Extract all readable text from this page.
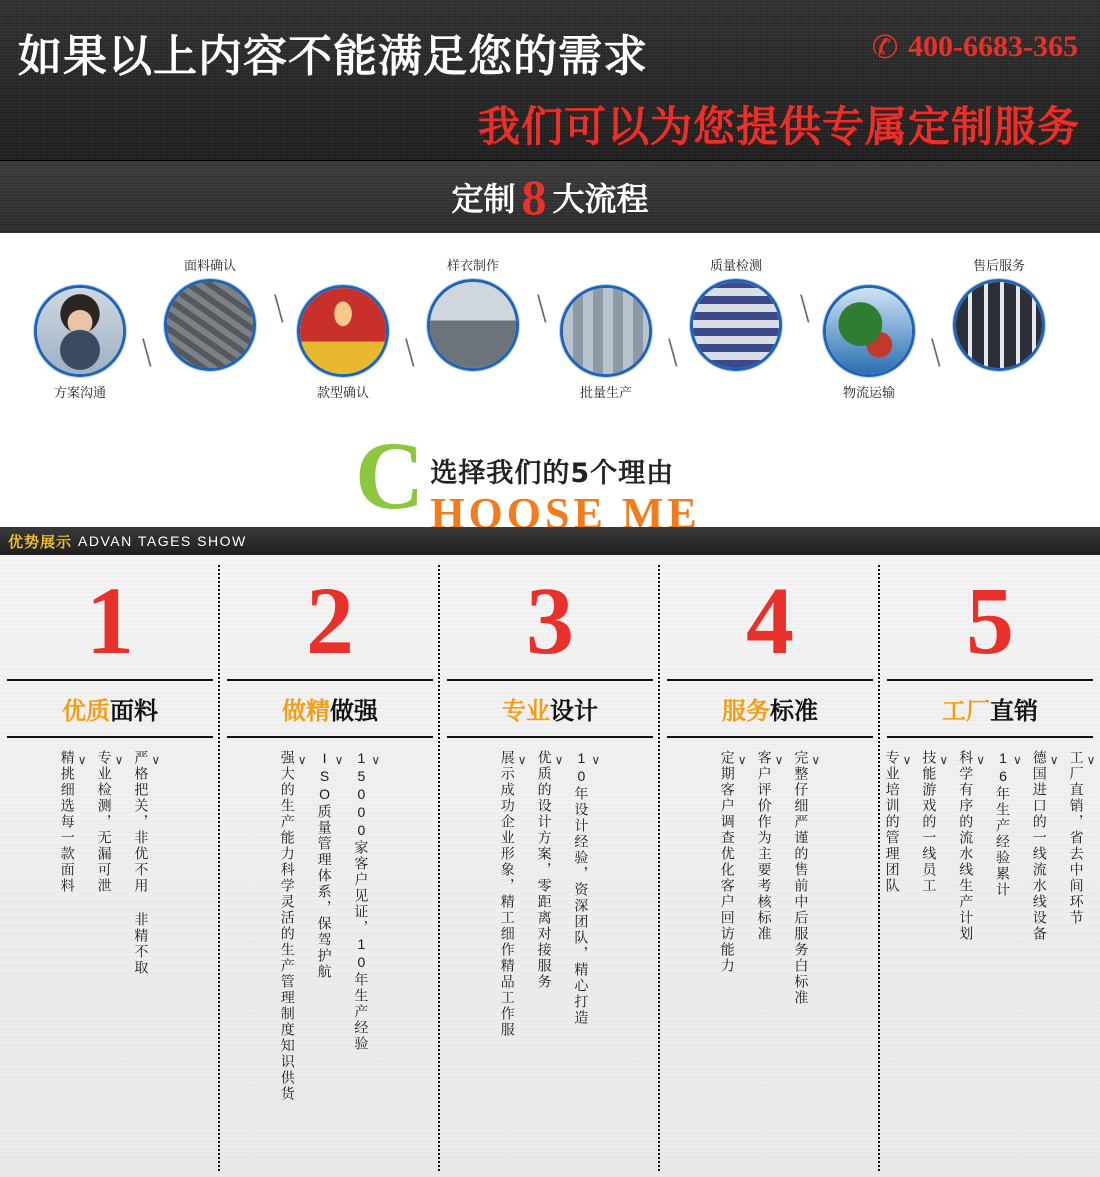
如果以上内容不能满足您的需求	✆ 400-6683-365
我们可以为您提供专属定制服务
定制 8 大流程
方案沟通
╲
面料确认
╲
款型确认
╲
样衣制作
╲
批量生产
╲
质量检测
╲
物流运输
╲
售后服务
C 选择我们的5个理由
HOOSE ME
优势展示 ADVAN TAGES SHOW
1
优质面料
∨ 严格把关，非优不用 非精不取
∨ 专业检测，无漏可泄
∨ 精挑细选每一款面料
2
做精做强
∨ 15000家客户见证，10年生产经验
∨ ISO质量管理体系，保驾护航
∨ 强大的生产能力科学灵活的生产管理制度知识供货
3
专业设计
∨ 10年设计经验，资深团队，精心打造
∨ 优质的设计方案，零距离对接服务
∨ 展示成功企业形象，精工细作精品工作服
4
服务标准
∨ 完整仔细严谨的售前中后服务白标准
∨ 客户评价作为主要考核标准
∨ 定期客户调查优化客户回访能力
5
工厂直销
∨ 工厂直销，省去中间环节
∨ 德国进口的一线流水线设备
∨ 16年生产经验累计
∨ 科学有序的流水线生产计划
∨ 技能游戏的一线员工
∨ 专业培训的管理团队
